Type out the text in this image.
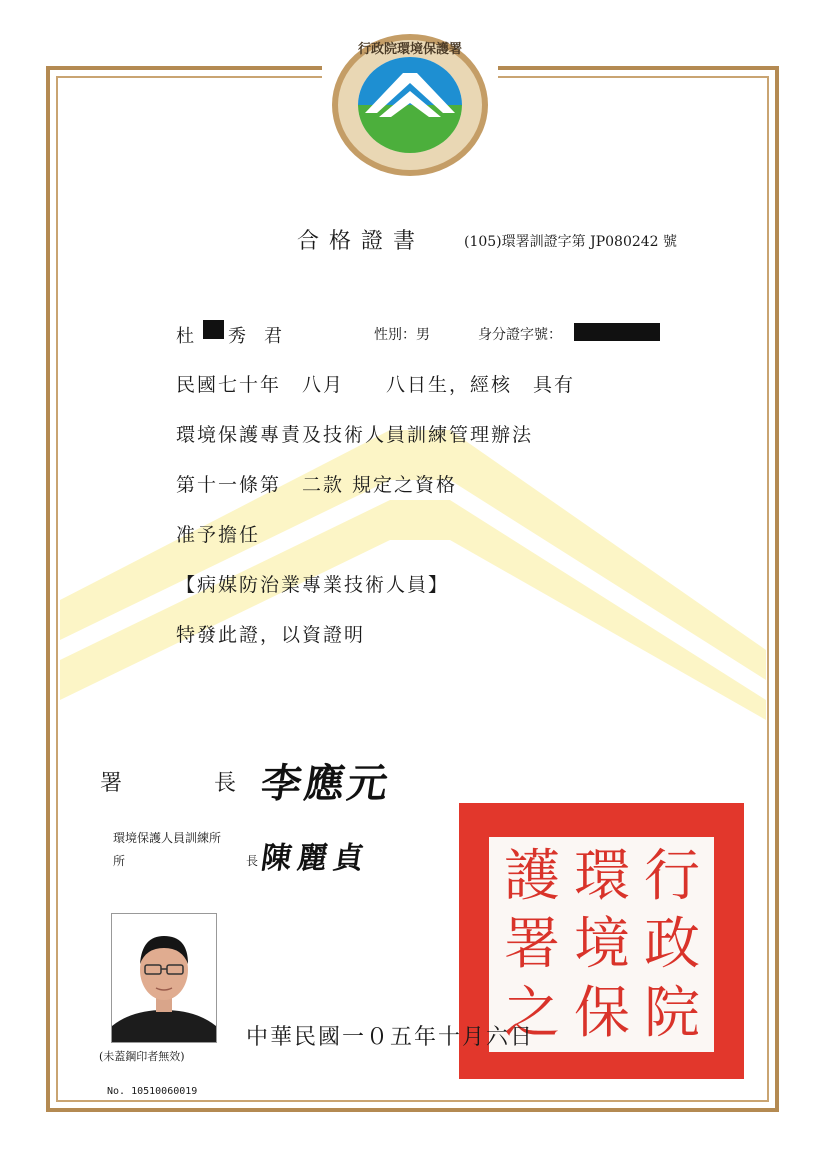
行政院環境保護署
合格證書	(105)環署訓證字第 JP080242 號
杜 秀君	性別：男	身分證字號：
民國七十年　八月　　八日生，經核　具有
環境保護專責及技術人員訓練管理辦法
第十一條第　二款 規定之資格
准予擔任
【病媒防治業專業技術人員】
特發此證，以資證明
署	長 李應元
環境保護人員訓練所
所	長 陳麗貞 護 環 行
署 境 政
之 保 院
中華民國一０五年十月六日
(未蓋鋼印者無效)
No. 10510060019
